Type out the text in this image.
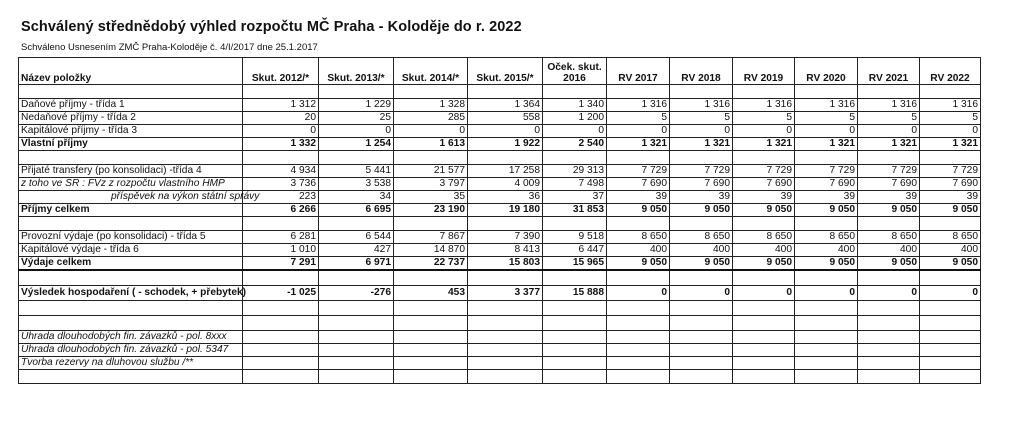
Schválený střednědobý výhled rozpočtu MČ Praha - Koloděje do r. 2022
Schváleno Usnesením ZMČ Praha-Koloděje č. 4/I/2017 dne 25.1.2017
Název položky	Skut. 2012/*	Skut. 2013/*	Skut. 2014/*	Skut. 2015/*	Oček. skut. 2016	RV 2017	RV 2018	RV 2019	RV 2020	RV 2021	RV 2022

Daňové příjmy - třída 1	1 312	1 229	1 328	1 364	1 340	1 316	1 316	1 316	1 316	1 316	1 316
Nedaňové příjmy - třída 2	20	25	285	558	1 200	5	5	5	5	5	5
Kapitálové příjmy - třída 3	0	0	0	0	0	0	0	0	0	0	0
Vlastní příjmy	1 332	1 254	1 613	1 922	2 540	1 321	1 321	1 321	1 321	1 321	1 321

Přijaté transfery (po konsolidaci) -třída 4	4 934	5 441	21 577	17 258	29 313	7 729	7 729	7 729	7 729	7 729	7 729
z toho ve SR : FVz z rozpočtu vlastního HMP	3 736	3 538	3 797	4 009	7 498	7 690	7 690	7 690	7 690	7 690	7 690
příspěvek na výkon státní správy	223	34	35	36	37	39	39	39	39	39	39
Příjmy celkem	6 266	6 695	23 190	19 180	31 853	9 050	9 050	9 050	9 050	9 050	9 050

Provozní výdaje (po konsolidaci) - třída 5	6 281	6 544	7 867	7 390	9 518	8 650	8 650	8 650	8 650	8 650	8 650
Kapitálové výdaje - třída 6	1 010	427	14 870	8 413	6 447	400	400	400	400	400	400
Výdaje celkem	7 291	6 971	22 737	15 803	15 965	9 050	9 050	9 050	9 050	9 050	9 050

Výsledek hospodaření ( - schodek, + přebytek)	-1 025	-276	453	3 377	15 888	0	0	0	0	0	0

Úhrada dlouhodobých fin. závazků - pol. 8xxx											
Úhrada dlouhodobých fin. závazků - pol. 5347											
Tvorba rezervy na dluhovou službu /**											
